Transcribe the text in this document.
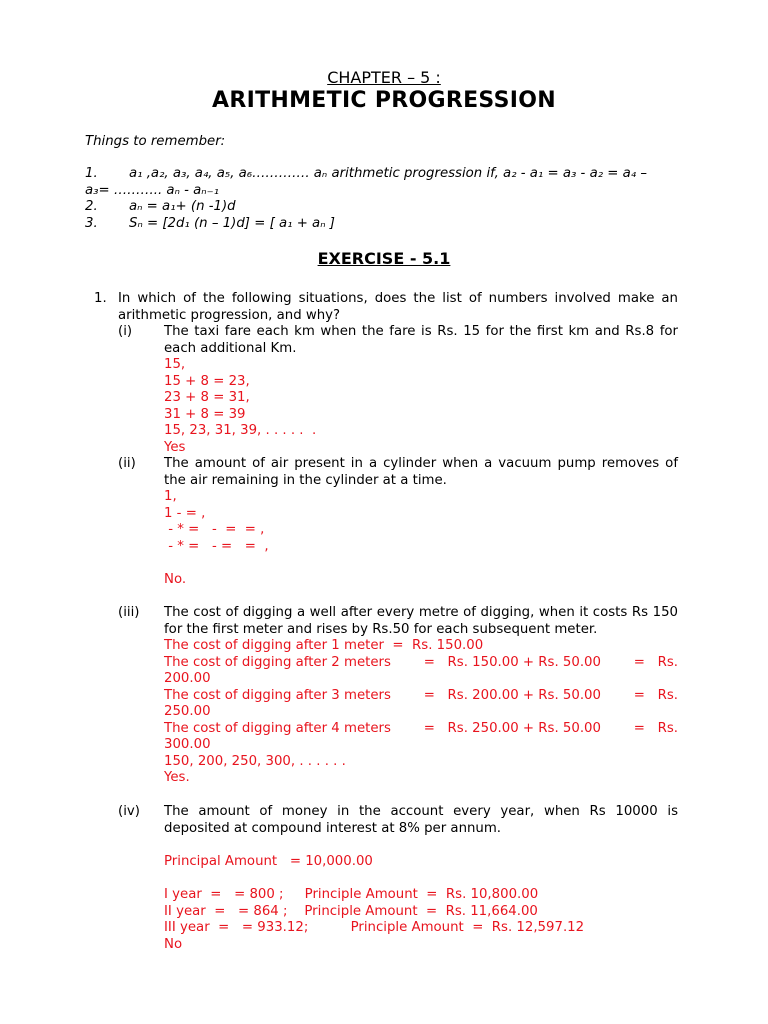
CHAPTER – 5 :
ARITHMETIC PROGRESSION
Things to remember:
1.	a₁ ,a₂, a₃, a₄, a₅, a₆…………. aₙ arithmetic progression if, a₂ - a₁ = a₃ - a₂ = a₄ –
a₃= ……….. aₙ - aₙ₋₁
2.	aₙ = a₁+ (n -1)d
3.	Sₙ = [2d₁ (n – 1)d] = [ a₁ + aₙ ]
EXERCISE - 5.1
1. In which of the following situations, does the list of numbers involved make an arithmetic progression, and why?
(i) The taxi fare each km when the fare is Rs. 15 for the first km and Rs.8 for each additional Km.
15,
15 + 8 = 23,
23 + 8 = 31,
31 + 8 = 39
15, 23, 31, 39, . . . . .  .
Yes
(ii) The amount of air present in a cylinder when a vacuum pump removes of the air remaining in the cylinder at a time.
1,
1 - = ,
- * =   -  =  = ,
- * =   - =   =  ,

No.
(iii) The cost of digging a well after every metre of digging, when it costs Rs 150 for the first meter and rises by Rs.50 for each subsequent meter.
The cost of digging after 1 meter  =  Rs. 150.00
The cost of digging after 2 meters =   Rs. 150.00 + Rs. 50.00 =   Rs.
200.00
The cost of digging after 3 meters =   Rs. 200.00 + Rs. 50.00 =   Rs.
250.00
The cost of digging after 4 meters =   Rs. 250.00 + Rs. 50.00 =   Rs.
300.00
150, 200, 250, 300, . . . . . .
Yes.
(iv) The amount of money in the account every year, when Rs 10000 is deposited at compound interest at 8% per annum.
Principal Amount   = 10,000.00

I year  =   = 800 ;     Principle Amount  =  Rs. 10,800.00
II year  =   = 864 ;    Principle Amount  =  Rs. 11,664.00
III year  =   = 933.12;          Principle Amount  =  Rs. 12,597.12
No
